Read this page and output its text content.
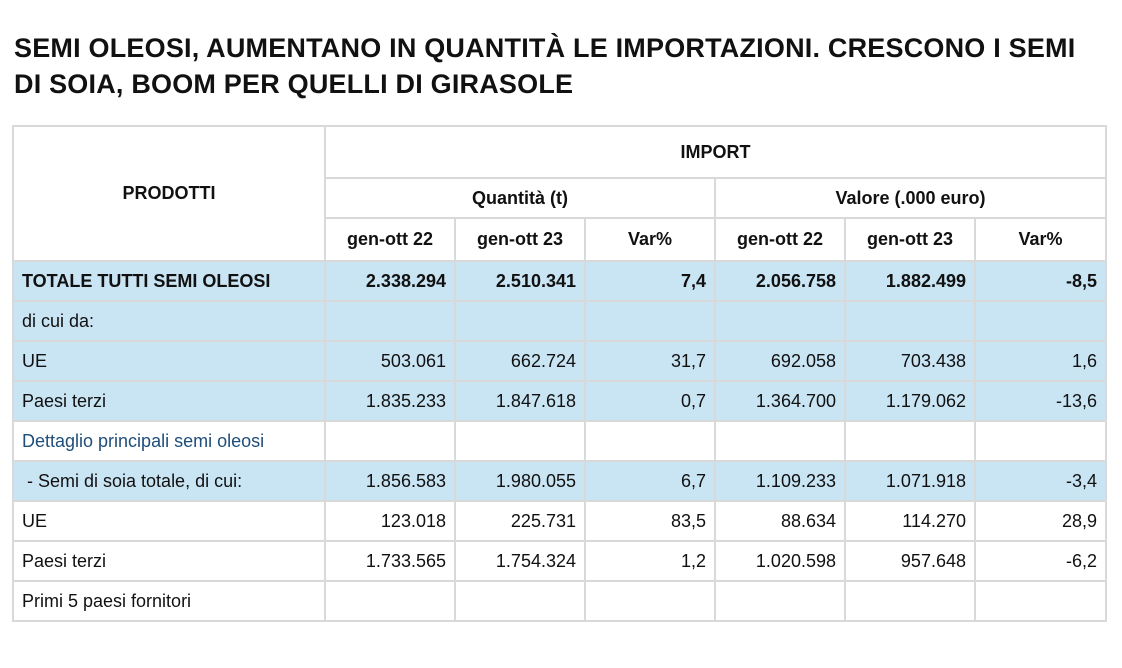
SEMI OLEOSI, AUMENTANO IN QUANTITÀ LE IMPORTAZIONI. CRESCONO I SEMI DI SOIA, BOOM PER QUELLI DI GIRASOLE
PRODOTTI	IMPORT					
	Quantità (t)			Valore (.000 euro)		
	gen-ott 22	gen-ott 23	Var%	gen-ott 22	gen-ott 23	Var%
TOTALE TUTTI SEMI OLEOSI	2.338.294	2.510.341	7,4	2.056.758	1.882.499	-8,5
di cui da:						
UE	503.061	662.724	31,7	692.058	703.438	1,6
Paesi terzi	1.835.233	1.847.618	0,7	1.364.700	1.179.062	-13,6
Dettaglio principali semi oleosi						
- Semi di soia totale, di cui:	1.856.583	1.980.055	6,7	1.109.233	1.071.918	-3,4
UE	123.018	225.731	83,5	88.634	114.270	28,9
Paesi terzi	1.733.565	1.754.324	1,2	1.020.598	957.648	-6,2
Primi 5 paesi fornitori						
